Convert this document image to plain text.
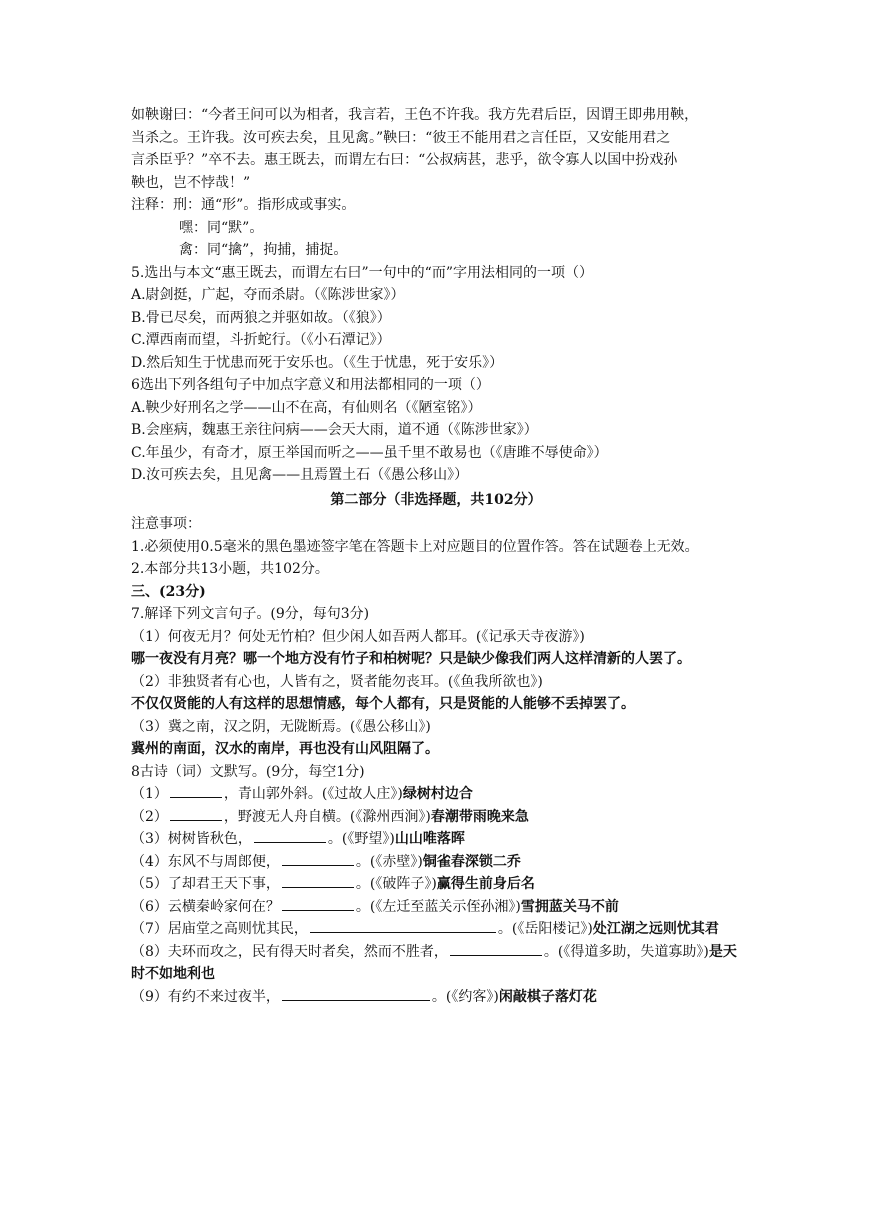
如鞅谢曰：“今者王问可以为相者，我言若，王色不许我。我方先君后臣，因谓王即弗用鞅，

当杀之。王许我。汝可疾去矣，且见禽。”鞅曰：“彼王不能用君之言任臣，又安能用君之

言杀臣乎？”卒不去。惠王既去，而谓左右曰：“公叔病甚，悲乎，欲令寡人以国中扮戏孙

鞅也，岂不悖哉！”

注释：刑：通“形”。指形成或事实。

嘿：同“默”。

禽：同“擒”，拘捕，捕捉。

5.选出与本文“惠王既去，而谓左右曰”一句中的“而”字用法相同的一项（）

A.尉剑挺，广起，夺而杀尉。（《陈涉世家》）

B.骨已尽矣，而两狼之并驱如故。（《狼》）

C.潭西南而望，斗折蛇行。（《小石潭记》）

D.然后知生于忧患而死于安乐也。（《生于忧患，死于安乐》）

6选出下列各组句子中加点字意义和用法都相同的一项（）

A.鞅少好刑名之学——山不在高，有仙则名（《陋室铭》）

B.会座病，魏惠王亲往问病——会天大雨，道不通（《陈涉世家》）

C.年虽少，有奇才，原王举国而听之——虽千里不敢易也（《唐雎不辱使命》）

D.汝可疾去矣，且见禽——且焉置土石（《愚公移山》）

第二部分（非选择题，共102分）

注意事项：

1.必须使用0.5毫米的黑色墨迹签字笔在答题卡上对应题目的位置作答。答在试题卷上无效。

2.本部分共13小题，共102分。

三、(23分)

7.解译下列文言句子。(9分，每句3分)

（1）何夜无月？何处无竹柏？但少闲人如吾两人都耳。(《记承天寺夜游》)

哪一夜没有月亮？哪一个地方没有竹子和柏树呢？只是缺少像我们两人这样清新的人罢了。

（2）非独贤者有心也，人皆有之，贤者能勿丧耳。(《鱼我所欲也》)

不仅仅贤能的人有这样的思想情感，每个人都有，只是贤能的人能够不丢掉罢了。

（3）冀之南，汉之阴，无陇断焉。(《愚公移山》)

冀州的南面，汉水的南岸，再也没有山风阻隔了。

8古诗（词）文默写。(9分，每空1分)

（1）	，青山郭外斜。(《过故人庄》)绿树村边合

（2）	，野渡无人舟自横。(《滁州西涧》)春潮带雨晚来急

（3）树树皆秋色，	。(《野望》)山山唯落晖

（4）东风不与周郎便，	。(《赤壁》)铜雀春深锁二乔

（5）了却君王天下事，	。(《破阵子》)赢得生前身后名

（6）云横秦岭家何在？	。(《左迁至蓝关示侄孙湘》)雪拥蓝关马不前

（7）居庙堂之高则忧其民，	。(《岳阳楼记》)处江湖之远则忧其君

（8）夫环而攻之，民有得天时者矣，然而不胜者，	。(《得道多助，失道寡助》)是天时不如地利也

（9）有约不来过夜半，	。(《约客》)闲敲棋子落灯花
